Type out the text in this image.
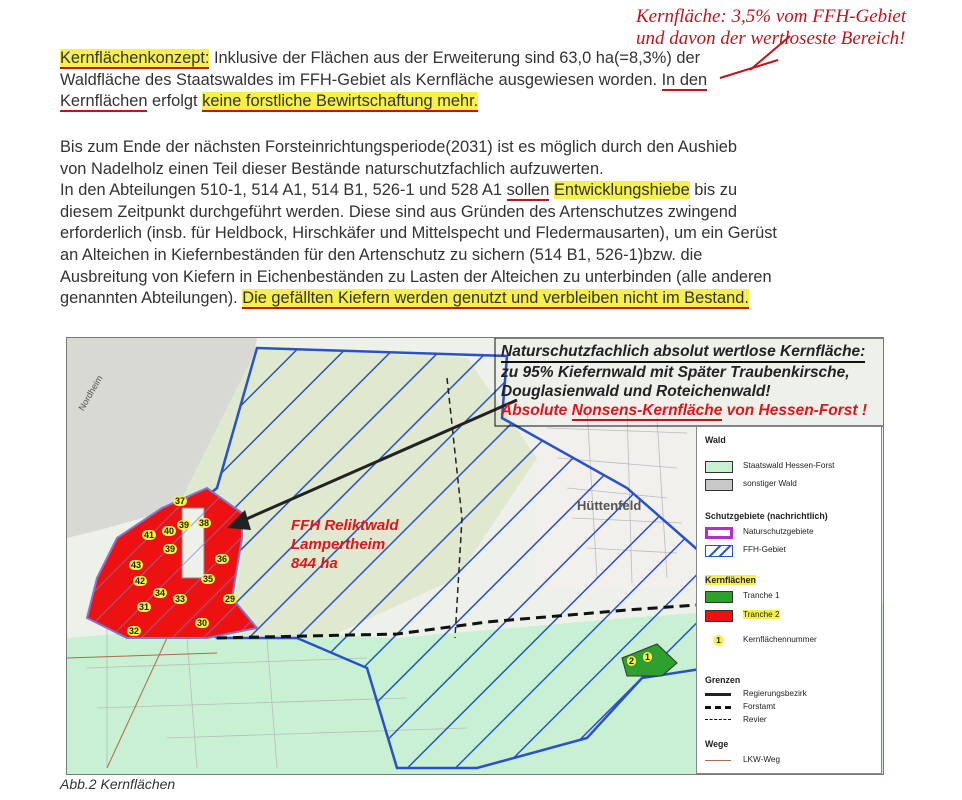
Kernfläche: 3,5% vom FFH-Gebiet
und davon der wertloseste Bereich!
Kernflächenkonzept: Inklusive der Flächen aus der Erweiterung sind 63,0 ha(=8,3%) der
Waldfläche des Staatswaldes im FFH-Gebiet als Kernfläche ausgewiesen worden. In den
Kernflächen erfolgt keine forstliche Bewirtschaftung mehr.
Bis zum Ende der nächsten Forsteinrichtungsperiode(2031) ist es möglich durch den Aushieb
von Nadelholz einen Teil dieser Bestände naturschutzfachlich aufzuwerten.
In den Abteilungen 510-1, 514 A1, 514 B1, 526-1 und 528 A1 sollen Entwicklungshiebe bis zu
diesem Zeitpunkt durchgeführt werden. Diese sind aus Gründen des Artenschutzes zwingend
erforderlich (insb. für Heldbock, Hirschkäfer und Mittelspecht und Fledermausarten), um ein Gerüst
an Alteichen in Kiefernbeständen für den Artenschutz zu sichern (514 B1, 526-1)bzw. die
Ausbreitung von Kiefern in Eichenbeständen zu Lasten der Alteichen zu unterbinden (alle anderen
genannten Abteilungen). Die gefällten Kiefern werden genutzt und verbleiben nicht im Bestand.
37
41 40
39 38
36
39
43
42
34
35
29
31
33
30
32
2 1
Nordheim
Hüttenfeld
FFH Reliktwald
Lampertheim
844 ha
Naturschutzfachlich absolut wertlose Kernfläche:
zu 95% Kiefernwald mit Später Traubenkirsche,
Douglasienwald und Roteichenwald!
Absolute Nonsens-Kernfläche von Hessen-Forst !
Wald
Staatswald Hessen-Forst
sonstiger Wald
Schutzgebiete (nachrichtlich)
Naturschutzgebiete
FFH-Gebiet
Kernflächen
Tranche 1
Tranche 2
1	Kernflächennummer
Grenzen
Regierungsbezirk
Forstamt
Revier
Wege
LKW-Weg
Abb.2 Kernflächen
